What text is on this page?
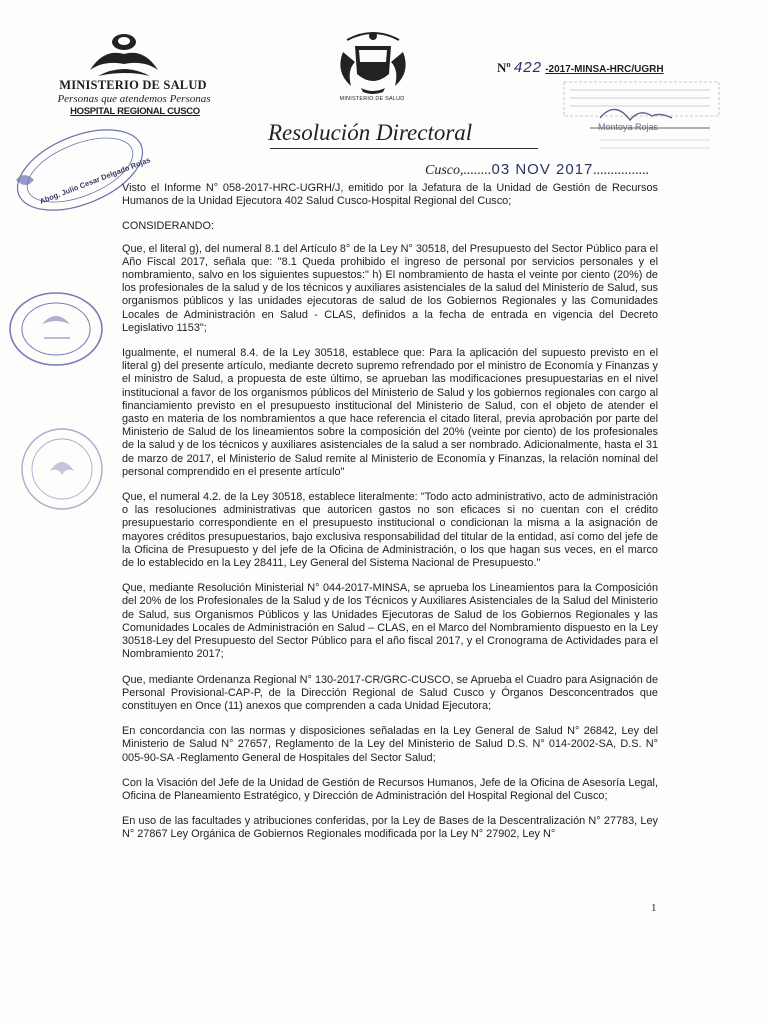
MINISTERIO DE SALUD
Personas que atendemos Personas
HOSPITAL REGIONAL CUSCO
MINISTERIO DE SALUD
Nº 422 -2017-MINSA-HRC/UGRH
Montoya Rojas
Abog. Julio Cesar Delgado Rojas
Resolución Directoral
Cusco,........03 NOV 2017................

Visto el Informe N° 058-2017-HRC-UGRH/J, emitido por la Jefatura de la Unidad de Gestión de Recursos Humanos de la Unidad Ejecutora 402 Salud Cusco-Hospital Regional del Cusco;

CONSIDERANDO:

Que, el literal g), del numeral 8.1 del Artículo 8° de la Ley N° 30518, del Presupuesto del Sector Público para el Año Fiscal 2017, señala que: "8.1 Queda prohibido el ingreso de personal por servicios personales y el nombramiento, salvo en los siguientes supuestos:" h) El nombramiento de hasta el veinte por ciento (20%) de los profesionales de la salud y de los técnicos y auxiliares asistenciales de la salud del Ministerio de Salud, sus organismos públicos y las unidades ejecutoras de salud de los Gobiernos Regionales y las Comunidades Locales de Administración en Salud - CLAS, definidos a la fecha de entrada en vigencia del Decreto Legislativo 1153";

Igualmente, el numeral 8.4. de la Ley 30518, establece que: Para la aplicación del supuesto previsto en el literal g) del presente artículo, mediante decreto supremo refrendado por el ministro de Economía y Finanzas y el ministro de Salud, a propuesta de este último, se aprueban las modificaciones presupuestarias en el nivel institucional a favor de los organismos públicos del Ministerio de Salud y los gobiernos regionales con cargo al financiamiento previsto en el presupuesto institucional del Ministerio de Salud, con el objeto de atender el gasto en materia de los nombramientos a que hace referencia el citado literal, previa aprobación por parte del Ministerio de Salud de los lineamientos sobre la composición del 20% (veinte por ciento) de los profesionales de la salud y de los técnicos y auxiliares asistenciales de la salud a ser nombrado. Adicionalmente, hasta el 31 de marzo de 2017, el Ministerio de Salud remite al Ministerio de Economía y Finanzas, la relación nominal del personal comprendido en el presente artículo"

Que, el numeral 4.2. de la Ley 30518, establece literalmente: "Todo acto administrativo, acto de administración o las resoluciones administrativas que autoricen gastos no son eficaces si no cuentan con el crédito presupuestario correspondiente en el presupuesto institucional o condicionan la misma a la asignación de mayores créditos presupuestarios, bajo exclusiva responsabilidad del titular de la entidad, así como del jefe de la Oficina de Presupuesto y del jefe de la Oficina de Administración, o los que hagan sus veces, en el marco de lo establecido en la Ley 28411, Ley General del Sistema Nacional de Presupuesto."

Que, mediante Resolución Ministerial N° 044-2017-MINSA, se aprueba los Lineamientos para la Composición del 20% de los Profesionales de la Salud y de los Técnicos y Auxiliares Asistenciales de la Salud del Ministerio de Salud, sus Organismos Públicos y las Unidades Ejecutoras de Salud de los Gobiernos Regionales y las Comunidades Locales de Administración en Salud – CLAS, en el Marco del Nombramiento dispuesto en la Ley 30518-Ley del Presupuesto del Sector Público para el año fiscal 2017, y el Cronograma de Actividades para el Nombramiento 2017;

Que, mediante Ordenanza Regional N° 130-2017-CR/GRC-CUSCO, se Aprueba el Cuadro para Asignación de Personal Provisional-CAP-P, de la Dirección Regional de Salud Cusco y Órganos Desconcentrados que constituyen en Once (11) anexos que comprenden a cada Unidad Ejecutora;

En concordancia con las normas y disposiciones señaladas en la Ley General de Salud N° 26842, Ley del Ministerio de Salud N° 27657, Reglamento de la Ley del Ministerio de Salud D.S. N° 014-2002-SA, D.S. N° 005-90-SA -Reglamento General de Hospitales del Sector Salud;

Con la Visación del Jefe de la Unidad de Gestión de Recursos Humanos, Jefe de la Oficina de Asesoría Legal, Oficina de Planeamiento Estratégico, y Dirección de Administración del Hospital Regional del Cusco;

En uso de las facultades y atribuciones conferidas, por la Ley de Bases de la Descentralización N° 27783, Ley N° 27867 Ley Orgánica de Gobiernos Regionales modificada por la Ley N° 27902, Ley N°

1
